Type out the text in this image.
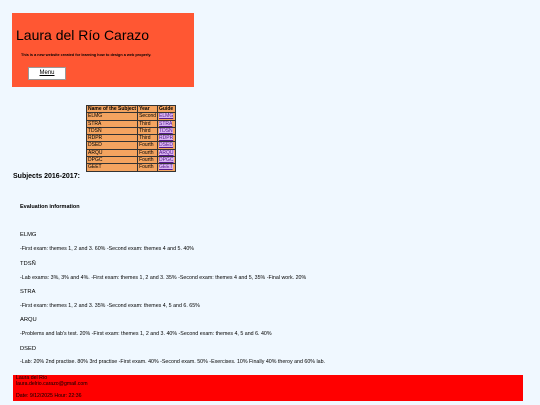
Laura del Río Carazo

This is a new website created for learning how to design a web properly.

Menu
Name of the Subject	Year	Guide
ELMG	Second	ELMG
STRA	Third	STRA
TDSÑ	Third	TDSÑ
RDPR	Third	RDPR
DSED	Fourth	DSED
ARQU	Fourth	ARQU
DPGC	Fourth	DPGC
GEET	Fourth	GEET
Subjects 2016-2017:
Evaluation information

ELMG

-First exam: themes 1, 2 and 3. 60% -Second exam: themes 4 and 5. 40%

TDSÑ

-Lab exams: 3%, 3% and 4%. -First exam: themes 1, 2 and 3. 35% -Second exam: themes 4 and 5, 35% -Final work. 20%

STRA

-First exam: themes 1, 2 and 3. 35% -Second exam: themes 4, 5 and 6. 65%

ARQU

-Problems and lab's test. 20% -First exam: themes 1, 2 and 3. 40% -Second exam: themes 4, 5 and 6. 40%

DSED

-Lab: 20% 2nd practise. 80% 3rd practise -First exam. 40% -Second exam. 50% -Exercises. 10% Finally 40% theroy and 60% lab.

Laura del Río
laura.delrio.carazo@gmail.com
Date: 9/12/2025 Hour: 22:36
